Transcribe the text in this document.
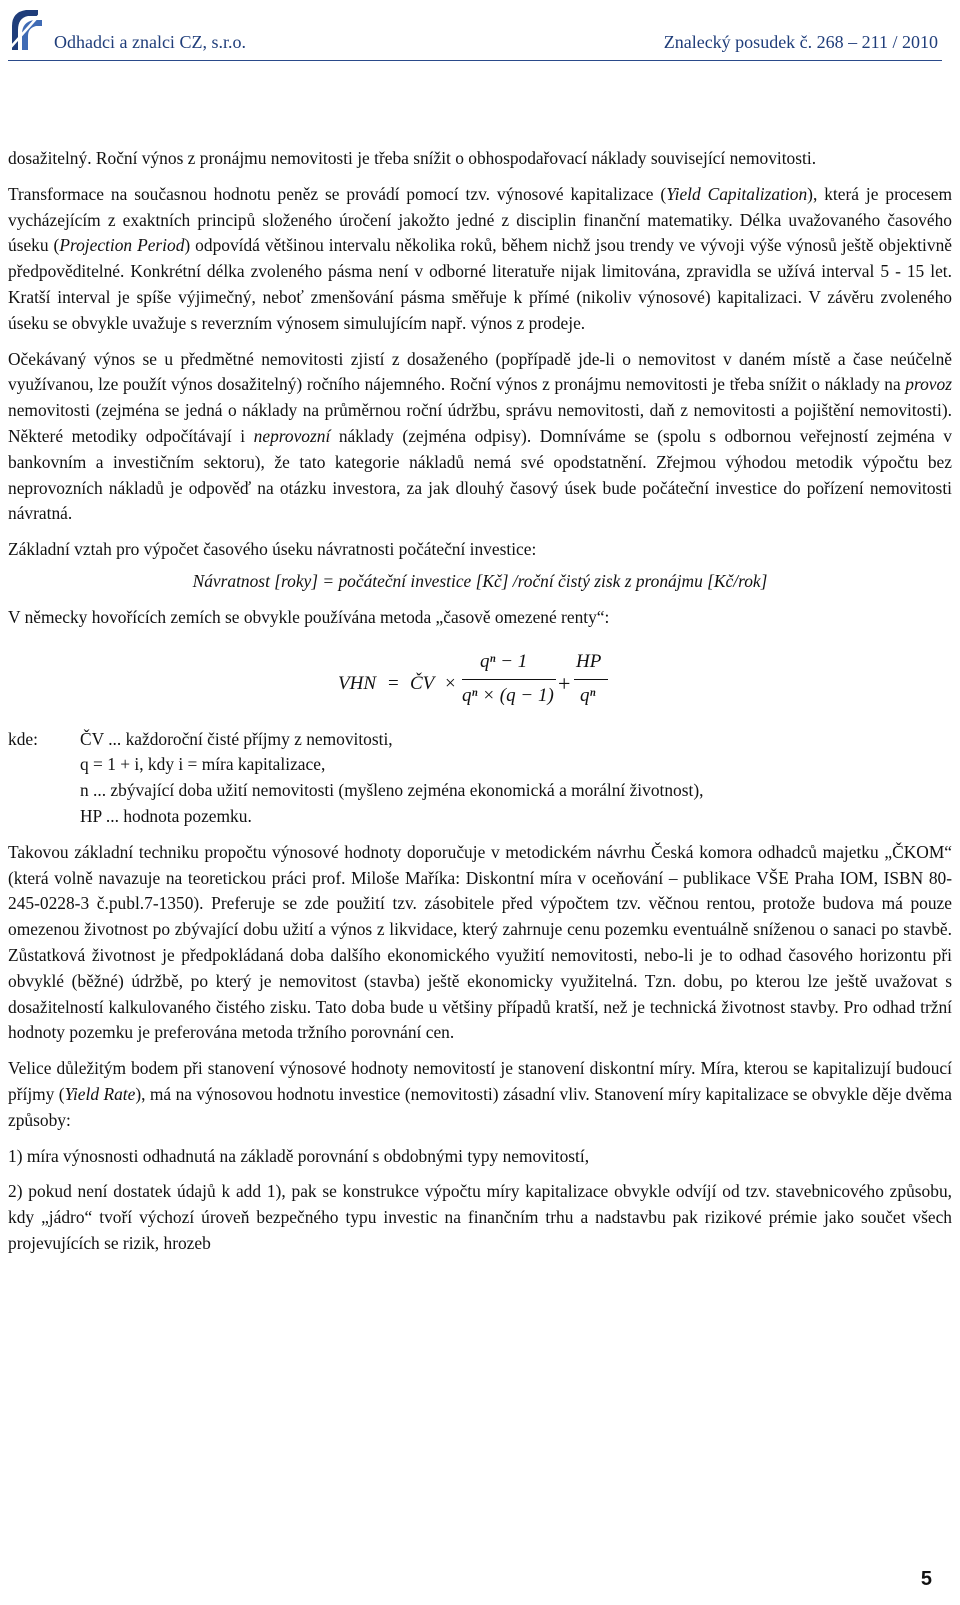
Odhadci a znalci CZ, s.r.o.	Znalecký posudek č. 268 – 211 / 2010

dosažitelný. Roční výnos z pronájmu nemovitosti je třeba snížit o obhospodařovací náklady související nemovitosti.

Transformace na současnou hodnotu peněz se provádí pomocí tzv. výnosové kapitalizace (Yield Capitalization), která je procesem vycházejícím z exaktních principů složeného úročení jakožto jedné z disciplin finanční matematiky. Délka uvažovaného časového úseku (Projection Period) odpovídá většinou intervalu několika roků, během nichž jsou trendy ve vývoji výše výnosů ještě objektivně předpověditelné. Konkrétní délka zvoleného pásma není v odborné literatuře nijak limitována, zpravidla se užívá interval 5 - 15 let. Kratší interval je spíše výjimečný, neboť zmenšování pásma směřuje k přímé (nikoliv výnosové) kapitalizaci. V závěru zvoleného úseku se obvykle uvažuje s reverzním výnosem simulujícím např. výnos z prodeje.

Očekávaný výnos se u předmětné nemovitosti zjistí z dosaženého (popřípadě jde-li o nemovitost v daném místě a čase neúčelně využívanou, lze použít výnos dosažitelný) ročního nájemného. Roční výnos z pronájmu nemovitosti je třeba snížit o náklady na provoz nemovitosti (zejména se jedná o náklady na průměrnou roční údržbu, správu nemovitosti, daň z nemovitosti a pojištění nemovitosti). Některé metodiky odpočítávají i neprovozní náklady (zejména odpisy). Domníváme se (spolu s odbornou veřejností zejména v bankovním a investičním sektoru), že tato kategorie nákladů nemá své opodstatnění. Zřejmou výhodou metodik výpočtu bez neprovozních nákladů je odpověď na otázku investora, za jak dlouhý časový úsek bude počáteční investice do pořízení nemovitosti návratná.

Základní vztah pro výpočet časového úseku návratnosti počáteční investice:

Návratnost [roky] = počáteční investice [Kč] /roční čistý zisk z pronájmu [Kč/rok]

V německy hovořících zemích se obvykle používána metoda „časově omezené renty“:

VHN = ČV ×
qⁿ − 1
qⁿ × (q − 1) +
HP
qⁿ
kde:	ČV ... každoroční čisté příjmy z nemovitosti,
q = 1 + i, kdy i = míra kapitalizace,
n ... zbývající doba užití nemovitosti (myšleno zejména ekonomická a morální životnost),
HP ... hodnota pozemku.

Takovou základní techniku propočtu výnosové hodnoty doporučuje v metodickém návrhu Česká komora odhadců majetku „ČKOM“ (která volně navazuje na teoretickou práci prof. Miloše Maříka: Diskontní míra v oceňování – publikace VŠE Praha IOM, ISBN 80-245-0228-3 č.publ.7-1350). Preferuje se zde použití tzv. zásobitele před výpočtem tzv. věčnou rentou, protože budova má pouze omezenou životnost po zbývající dobu užití a výnos z likvidace, který zahrnuje cenu pozemku eventuálně sníženou o sanaci po stavbě. Zůstatková životnost je předpokládaná doba dalšího ekonomického využití nemovitosti, nebo-li je to odhad časového horizontu při obvyklé (běžné) údržbě, po který je nemovitost (stavba) ještě ekonomicky využitelná. Tzn. dobu, po kterou lze ještě uvažovat s dosažitelností kalkulovaného čistého zisku. Tato doba bude u většiny případů kratší, než je technická životnost stavby. Pro odhad tržní hodnoty pozemku je preferována metoda tržního porovnání cen.

Velice důležitým bodem při stanovení výnosové hodnoty nemovitostí je stanovení diskontní míry. Míra, kterou se kapitalizují budoucí příjmy (Yield Rate), má na výnosovou hodnotu investice (nemovitosti) zásadní vliv. Stanovení míry kapitalizace se obvykle děje dvěma způsoby:

1) míra výnosnosti odhadnutá na základě porovnání s obdobnými typy nemovitostí,

2) pokud není dostatek údajů k add 1), pak se konstrukce výpočtu míry kapitalizace obvykle odvíjí od tzv. stavebnicového způsobu, kdy „jádro“ tvoří výchozí úroveň bezpečného typu investic na finančním trhu a nadstavbu pak rizikové prémie jako součet všech projevujících se rizik, hrozeb

5
